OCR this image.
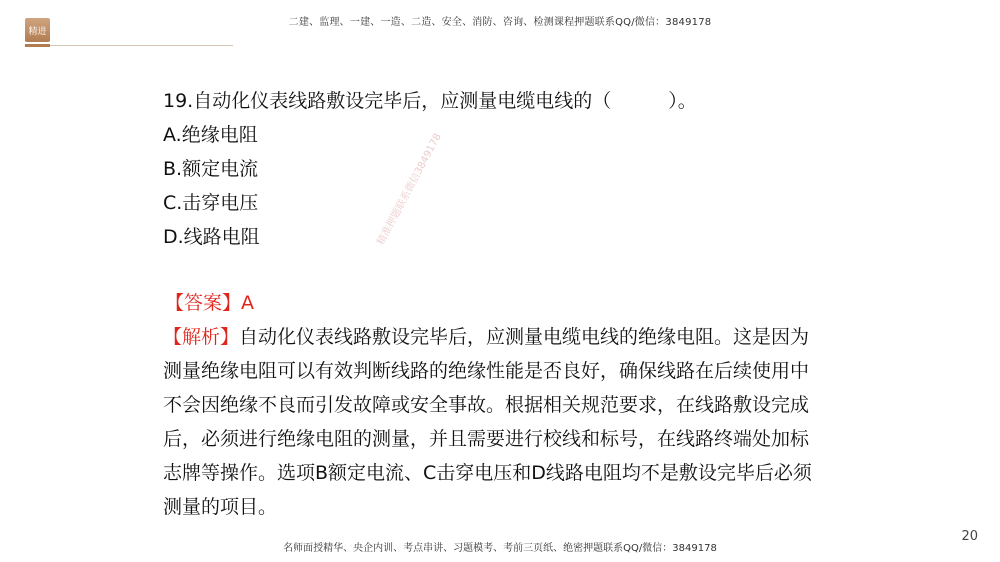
精进
二建、监理、一建、一造、二造、安全、消防、咨询、检测课程押题联系QQ/微信：3849178
19.自动化仪表线路敷设完毕后，应测量电缆电线的（　　　）。
A.绝缘电阻
B.额定电流
C.击穿电压
D.线路电阻
【答案】A
【解析】自动化仪表线路敷设完毕后，应测量电缆电线的绝缘电阻。这是因为测量绝缘电阻可以有效判断线路的绝缘性能是否良好，确保线路在后续使用中不会因绝缘不良而引发故障或安全事故。根据相关规范要求，在线路敷设完成后，必须进行绝缘电阻的测量，并且需要进行校线和标号，在线路终端处加标志牌等操作。选项B额定电流、C击穿电压和D线路电阻均不是敷设完毕后必须测量的项目。
精准押题联系微信3849178
名师面授精华、央企内训、考点串讲、习题模考、考前三页纸、绝密押题联系QQ/微信：3849178
20
